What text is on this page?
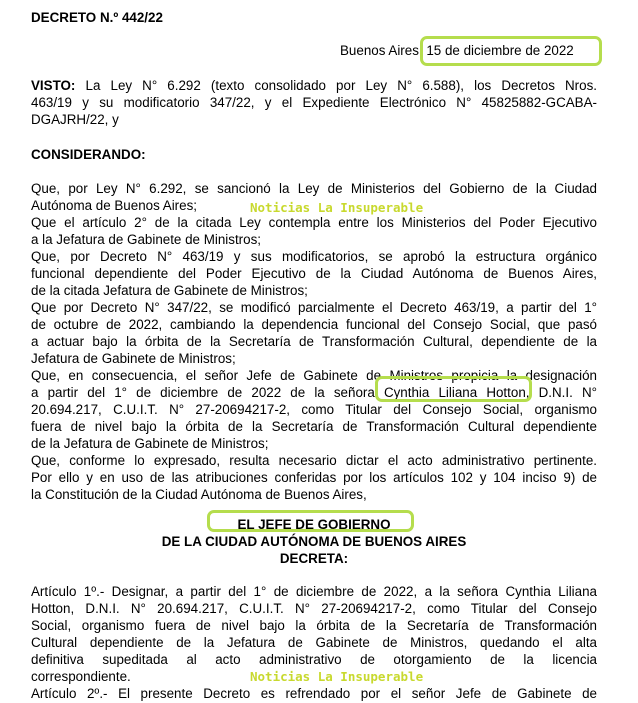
DECRETO N.º 442/22
Buenos Aires, 15 de diciembre de 2022
VISTO: La Ley N° 6.292 (texto consolidado por Ley N° 6.588), los Decretos Nros.
463/19 y su modificatorio 347/22, y el Expediente Electrónico N° 45825882-GCABA-
DGAJRH/22, y
CONSIDERANDO:
Que, por Ley N° 6.292, se sancionó la Ley de Ministerios del Gobierno de la Ciudad
Autónoma de Buenos Aires;
Que el artículo 2° de la citada Ley contempla entre los Ministerios del Poder Ejecutivo
a la Jefatura de Gabinete de Ministros;
Que, por Decreto N° 463/19 y sus modificatorios, se aprobó la estructura orgánico
funcional dependiente del Poder Ejecutivo de la Ciudad Autónoma de Buenos Aires,
de la citada Jefatura de Gabinete de Ministros;
Que por Decreto N° 347/22, se modificó parcialmente el Decreto 463/19, a partir del 1°
de octubre de 2022, cambiando la dependencia funcional del Consejo Social, que pasó
a actuar bajo la órbita de la Secretaría de Transformación Cultural, dependiente de la
Jefatura de Gabinete de Ministros;
Que, en consecuencia, el señor Jefe de Gabinete de Ministros propicia la designación
a partir del 1° de diciembre de 2022 de la señora Cynthia Liliana Hotton, D.N.I. N°
20.694.217, C.U.I.T. N° 27-20694217-2, como Titular del Consejo Social, organismo
fuera de nivel bajo la órbita de la Secretaría de Transformación Cultural dependiente
de la Jefatura de Gabinete de Ministros;
Que, conforme lo expresado, resulta necesario dictar el acto administrativo pertinente.
Por ello y en uso de las atribuciones conferidas por los artículos 102 y 104 inciso 9) de
la Constitución de la Ciudad Autónoma de Buenos Aires,
EL JEFE DE GOBIERNO
DE LA CIUDAD AUTÓNOMA DE BUENOS AIRES
DECRETA:
Artículo 1º.- Designar, a partir del 1° de diciembre de 2022, a la señora Cynthia Liliana
Hotton, D.N.I. N° 20.694.217, C.U.I.T. N° 27-20694217-2, como Titular del Consejo
Social, organismo fuera de nivel bajo la órbita de la Secretaría de Transformación
Cultural dependiente de la Jefatura de Gabinete de Ministros, quedando el alta
definitiva supeditada al acto administrativo de otorgamiento de la licencia
correspondiente.
Artículo 2º.- El presente Decreto es refrendado por el señor Jefe de Gabinete de
Noticias La Insuperable
Noticias La Insuperable
